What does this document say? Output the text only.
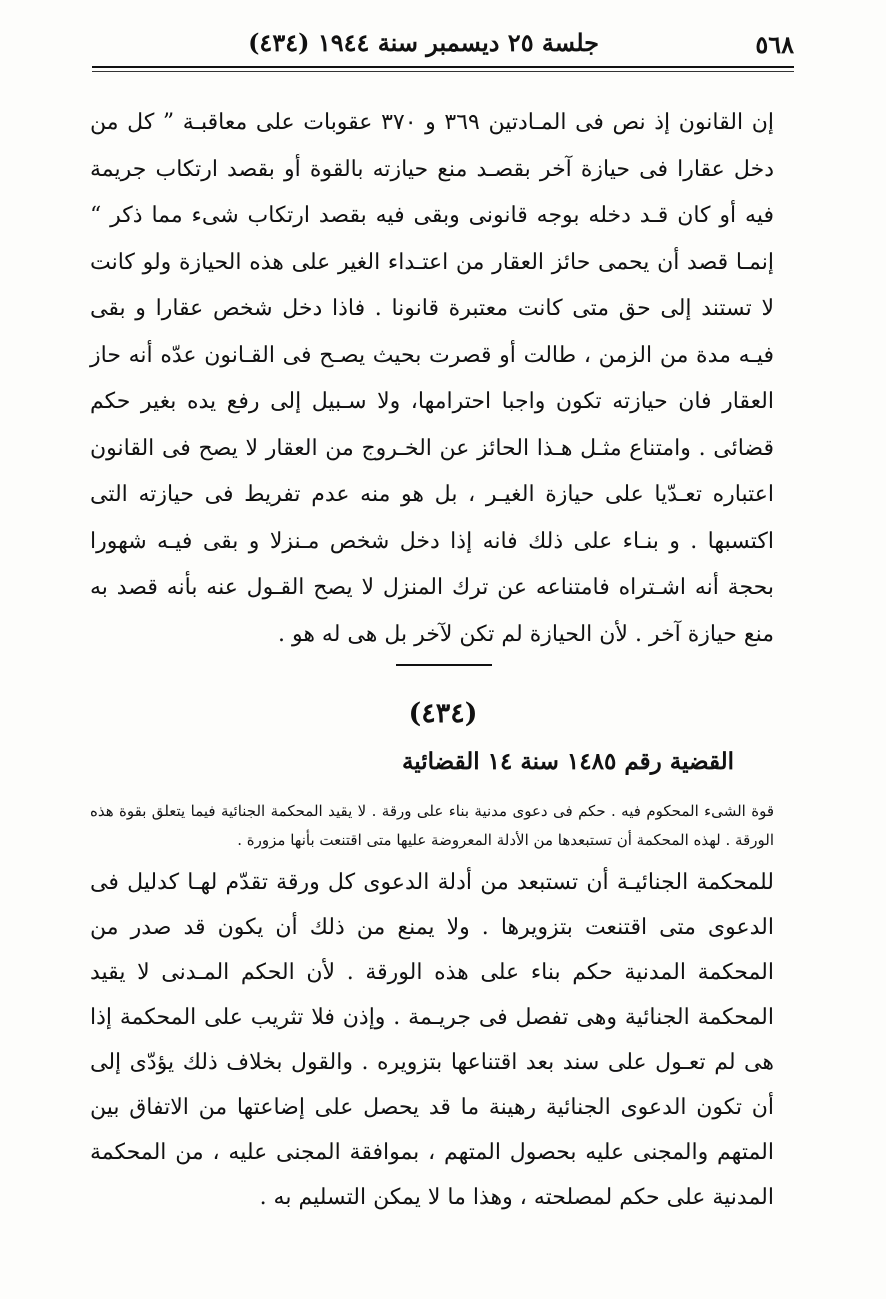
٥٦٨
جلسة ٢٥ ديسمبر سنة ١٩٤٤ (٤٣٤)

إن القانون إذ نص فى المـادتين ٣٦٩ و ٣٧٠ عقوبات على معاقبـة ” كل من دخل عقارا فى حيازة آخر بقصـد منع حيازته بالقوة أو بقصد ارتكاب جريمة فيه أو كان قـد دخله بوجه قانونى وبقى فيه بقصد ارتكاب شىء مما ذكر “ إنمـا قصد أن يحمى حائز العقار من اعتـداء الغير على هذه الحيازة ولو كانت لا تستند إلى حق متى كانت معتبرة قانونا . فاذا دخل شخص عقارا و بقى فيـه مدة من الزمن ، طالت أو قصرت بحيث يصـح فى القـانون عدّه أنه حاز العقار فان حيازته تكون واجبا احترامها، ولا سـبيل إلى رفع يده بغير حكم قضائى . وامتناع مثـل هـذا الحائز عن الخـروج من العقار لا يصح فى القانون اعتباره تعـدّيا على حيازة الغيـر ، بل هو منه عدم تفريط فى حيازته التى اكتسبها . و بنـاء على ذلك فانه إذا دخل شخص مـنزلا و بقى فيـه شهورا بحجة أنه اشـتراه فامتناعه عن ترك المنزل لا يصح القـول عنه بأنه قصد به منع حيازة آخر . لأن الحيازة لم تكن لآخر بل هى له هو .

(٤٣٤)
القضية رقم ١٤٨٥ سنة ١٤ القضائية

قوة الشىء المحكوم فيه . حكم فى دعوى مدنية بناء على ورقة . لا يقيد المحكمة الجنائية فيما يتعلق بقوة هذه الورقة . لهذه المحكمة أن تستبعدها من الأدلة المعروضة عليها متى اقتنعت بأنها مزورة .

للمحكمة الجنائيـة أن تستبعد من أدلة الدعوى كل ورقة تقدّم لهـا كدليل فى الدعوى متى اقتنعت بتزويرها . ولا يمنع من ذلك أن يكون قد صدر من المحكمة المدنية حكم بناء على هذه الورقة . لأن الحكم المـدنى لا يقيد المحكمة الجنائية وهى تفصل فى جريـمة . وإذن فلا تثريب على المحكمة إذا هى لم تعـول على سند بعد اقتناعها بتزويره . والقول بخلاف ذلك يؤدّى إلى أن تكون الدعوى الجنائية رهينة ما قد يحصل على إضاعتها من الاتفاق بين المتهم والمجنى عليه بحصول المتهم ، بموافقة المجنى عليه ، من المحكمة المدنية على حكم لمصلحته ، وهذا ما لا يمكن التسليم به .
